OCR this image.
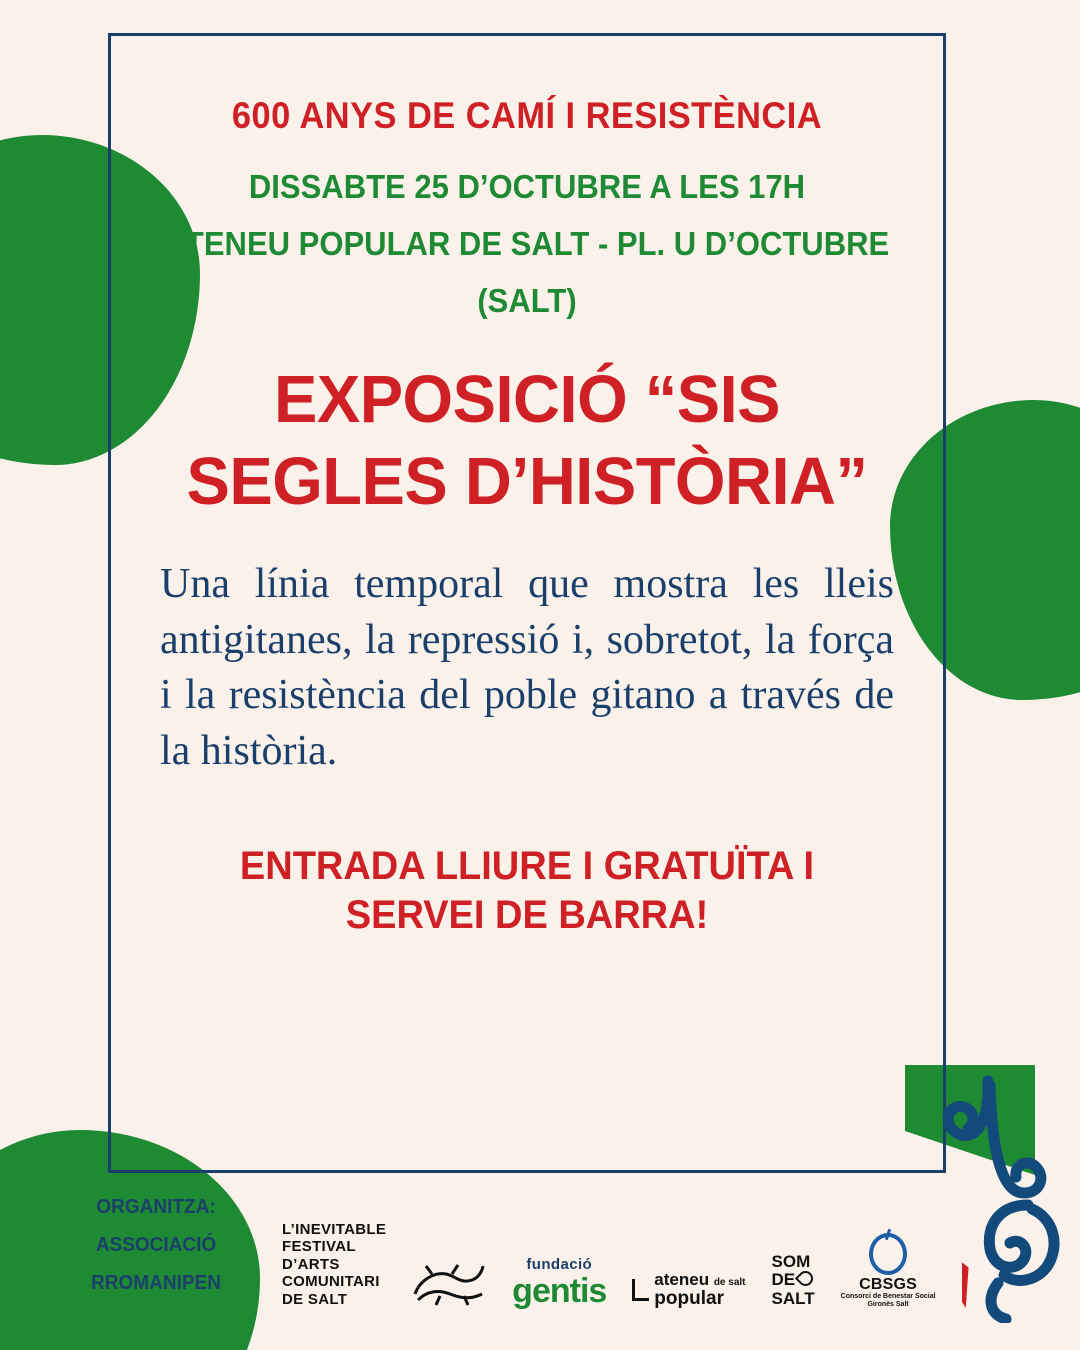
600 ANYS DE CAMÍ I RESISTÈNCIA
DISSABTE 25 D’OCTUBRE A LES 17H
ATENEU POPULAR DE SALT - PL. U D’OCTUBRE
(SALT)
EXPOSICIÓ “SIS
SEGLES D’HISTÒRIA”
Una línia temporal que mostra les lleis antigitanes, la repressió i, sobretot, la força i la resistència del poble gitano a través de la història.
ENTRADA LLIURE I GRATUÏTA I
SERVEI DE BARRA!
ORGANITZA:
ASSOCIACIÓ RROMANIPEN
L’INEVITABLE
FESTIVAL
D’ARTS
COMUNITARI
DE SALT
fundació
gentis	ateneu de salt
popular
SOM
DE
SALT
CBSGS
Consorci de Benestar Social
Gironès Salt
